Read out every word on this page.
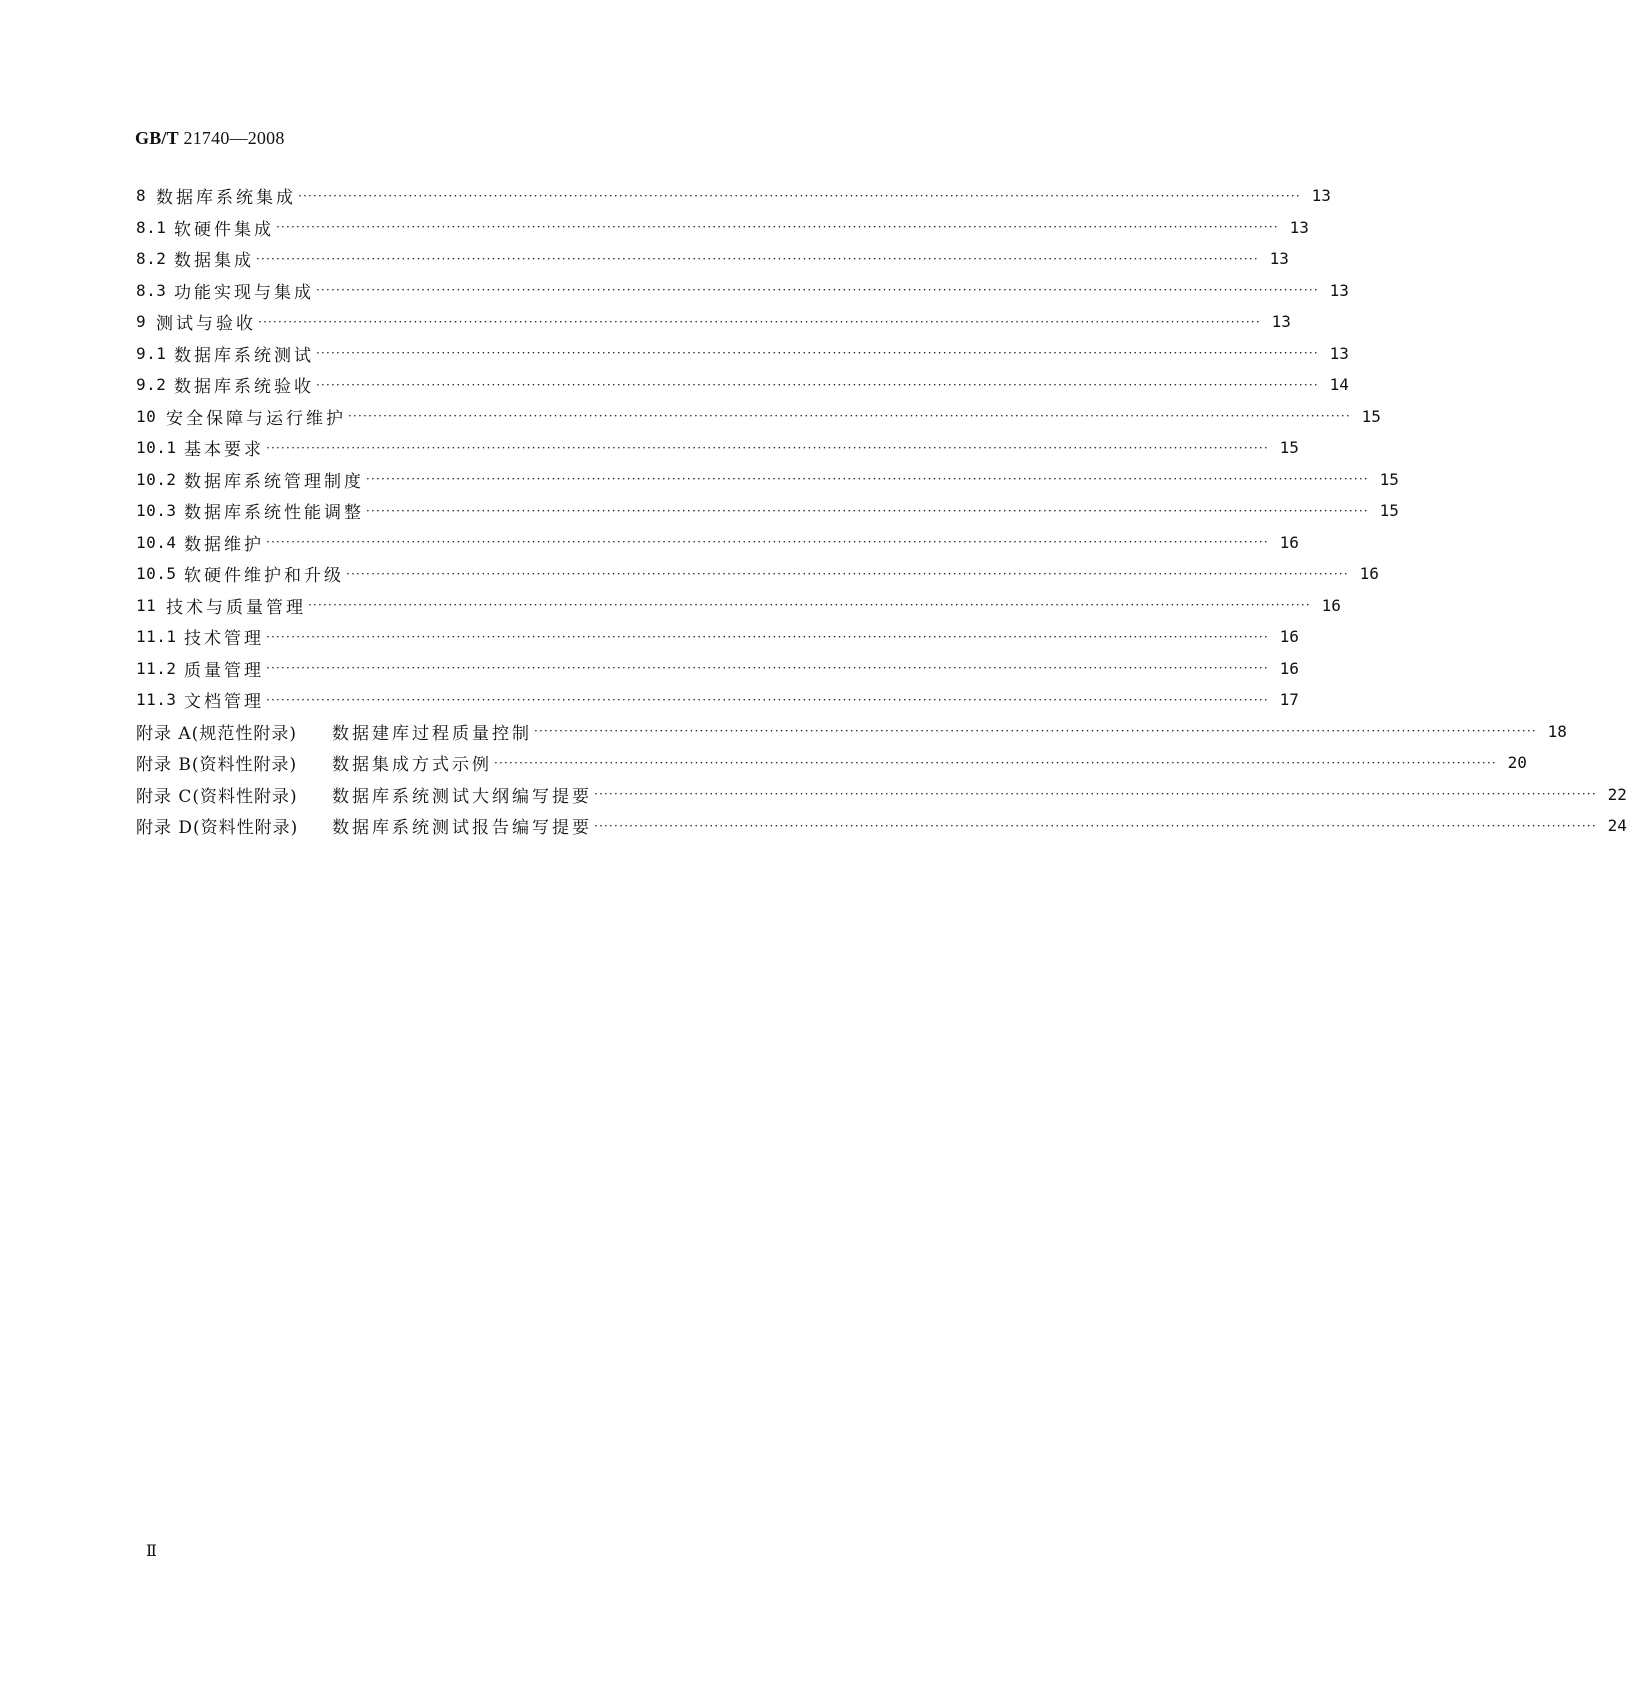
GB/T 21740—2008
8 数据库系统集成 ········································································································································································································ 13
8.1 软硬件集成 ········································································································································································································ 13
8.2 数据集成 ········································································································································································································ 13
8.3 功能实现与集成 ········································································································································································································ 13
9 测试与验收 ········································································································································································································ 13
9.1 数据库系统测试 ········································································································································································································ 13
9.2 数据库系统验收 ········································································································································································································ 14
10 安全保障与运行维护 ········································································································································································································ 15
10.1 基本要求 ········································································································································································································ 15
10.2 数据库系统管理制度 ········································································································································································································ 15
10.3 数据库系统性能调整 ········································································································································································································ 15
10.4 数据维护 ········································································································································································································ 16
10.5 软硬件维护和升级 ········································································································································································································ 16
11 技术与质量管理 ········································································································································································································ 16
11.1 技术管理 ········································································································································································································ 16
11.2 质量管理 ········································································································································································································ 16
11.3 文档管理 ········································································································································································································ 17
附录 A(规范性附录)	数据建库过程质量控制 ········································································································································································································ 18
附录 B(资料性附录)	数据集成方式示例 ········································································································································································································ 20
附录 C(资料性附录)	数据库系统测试大纲编写提要 ········································································································································································································ 22
附录 D(资料性附录)	数据库系统测试报告编写提要 ········································································································································································································ 24
Ⅱ
